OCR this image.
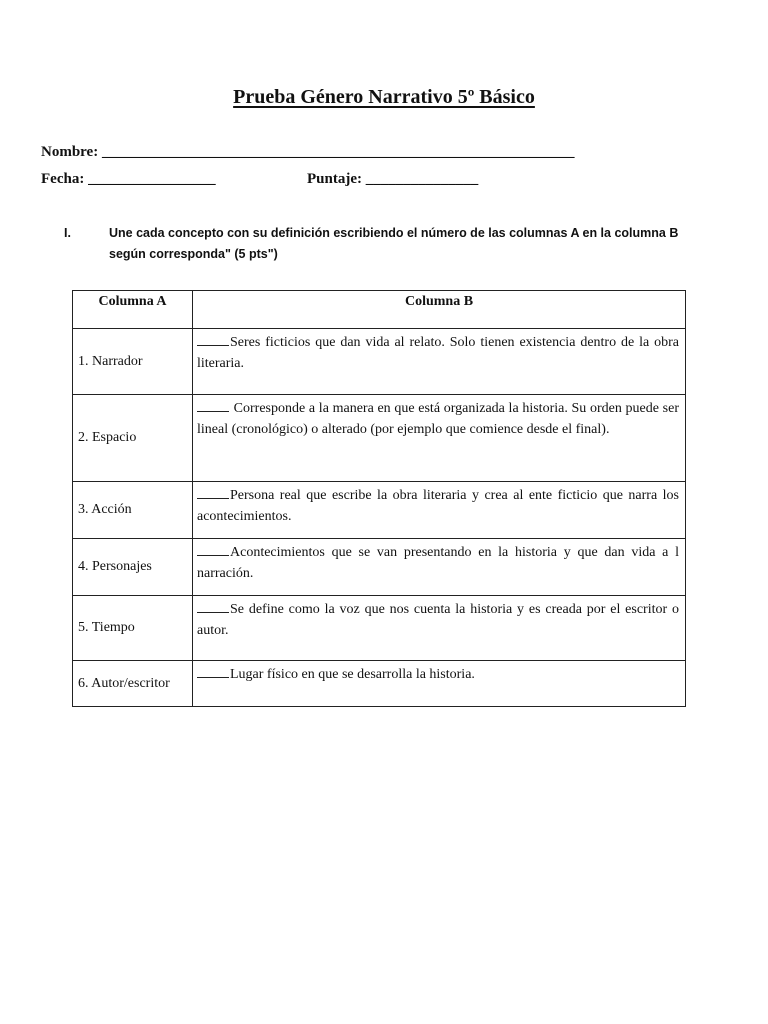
Prueba Género Narrativo 5º Básico
Nombre: _______________________________________________________________
Fecha: _________________	Puntaje: _______________
I.	Une cada concepto con su definición escribiendo el número de las columnas A en la columna B según corresponda" (5 pts")
Columna A	Columna B
1. Narrador	Seres ficticios que dan vida al relato. Solo tienen existencia dentro de la obra literaria.
2. Espacio	Corresponde a la manera en que está organizada la historia. Su orden puede ser lineal (cronológico) o alterado (por ejemplo que comience desde el final).
3. Acción	Persona real que escribe la obra literaria y crea al ente ficticio que narra los acontecimientos.
4. Personajes	Acontecimientos que se van presentando en la historia y que dan vida a l narración.
5. Tiempo	Se define como la voz que nos cuenta la historia y es creada por el escritor o autor.
6. Autor/escritor	Lugar físico en que se desarrolla la historia.
